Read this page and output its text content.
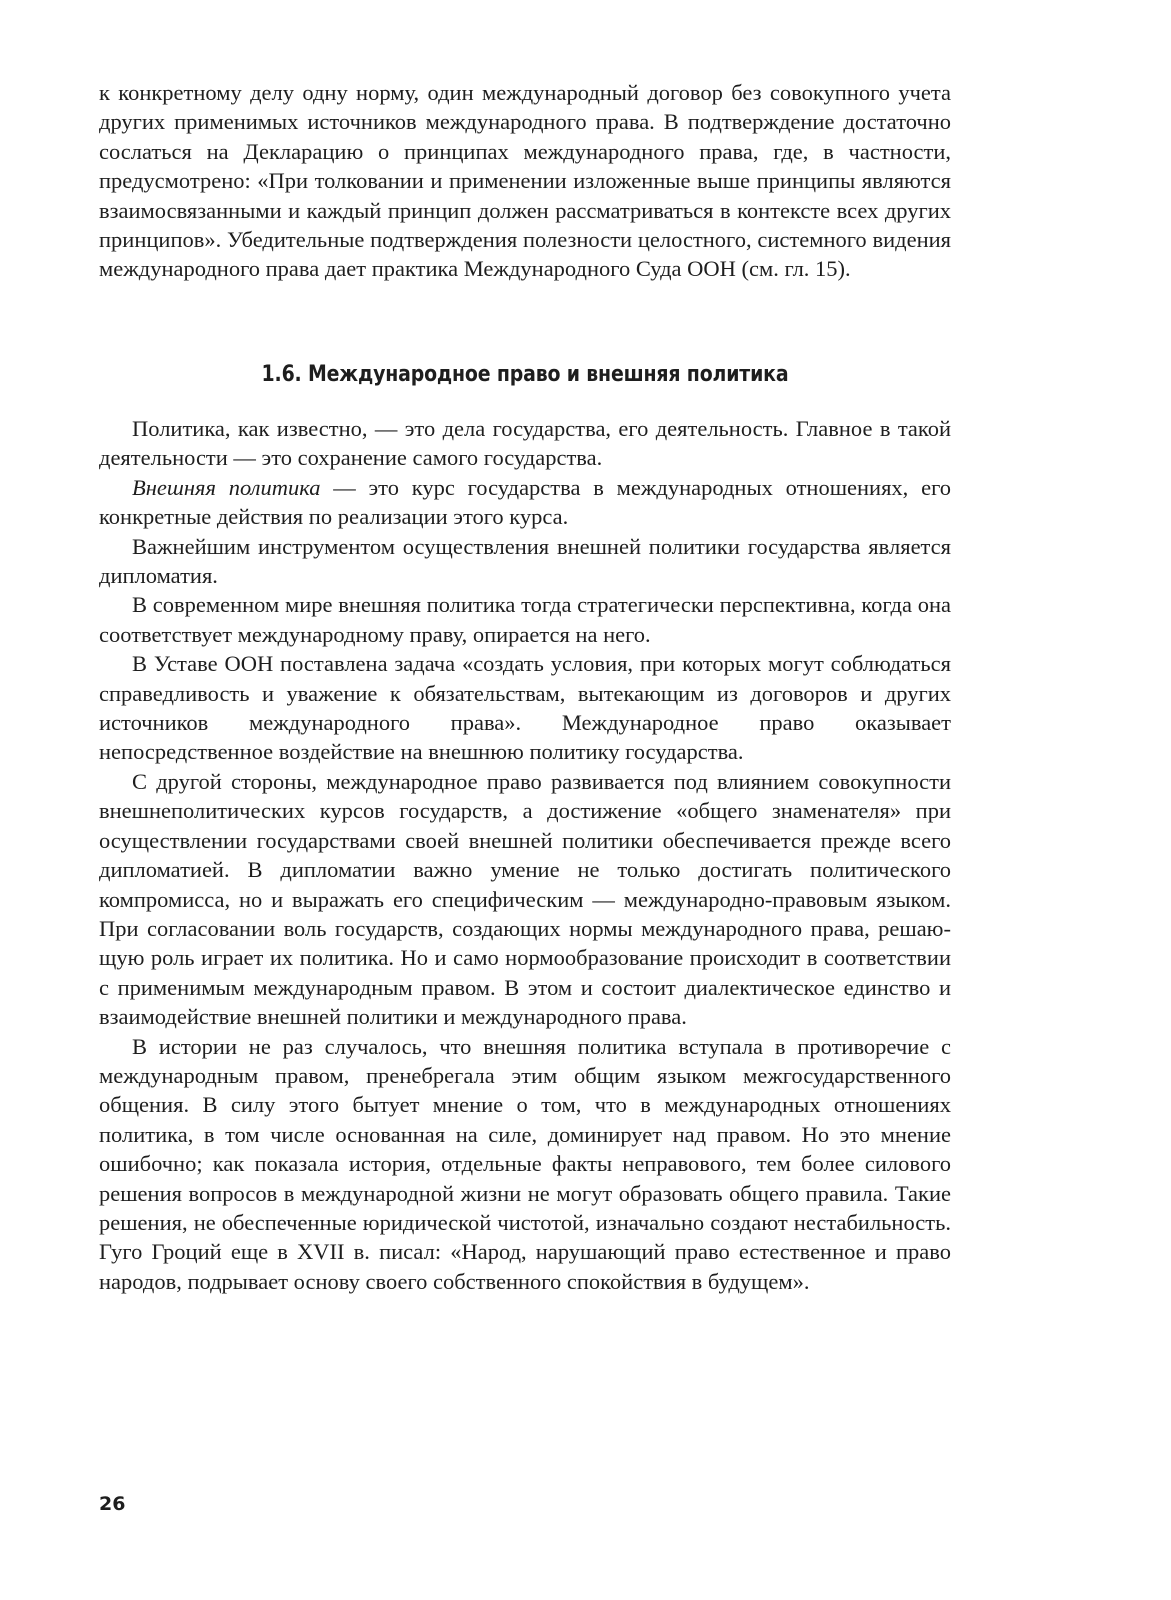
к конкретному делу одну норму, один международный договор без совокупного учета других применимых источников международного права. В подтверждение достаточно сослаться на Декларацию о принципах международного права, где, в частности, предусмотрено: «При толковании и применении изложенные выше принципы являются взаимосвязанными и каждый принцип должен рассматриваться в контексте всех других принципов». Убедительные подтверждения полезности целостного, системного видения международного права дает практика Международного Суда ООН (см. гл. 15).

1.6. Международное право и внешняя политика

Политика, как известно, — это дела государства, его деятельность. Главное в такой деятельности — это сохранение самого государства.

Внешняя политика — это курс государства в международных отношениях, его конкретные действия по реализации этого курса.

Важнейшим инструментом осуществления внешней политики государства является дипломатия.

В современном мире внешняя политика тогда стратегически перспективна, когда она соответствует международному праву, опирается на него.

В Уставе ООН поставлена задача «создать условия, при которых могут соблюдаться справедливость и уважение к обязательствам, вытекающим из договоров и других источников международного права». Международное право оказывает непосредственное воздействие на внешнюю политику государства.

С другой стороны, международное право развивается под влиянием совокупности внешнеполитических курсов государств, а достижение «общего знаменателя» при осуществлении государствами своей внешней политики обеспечивается прежде всего дипломатией. В дипломатии важно умение не только достигать политического компромисса, но и выражать его специфическим — международно-правовым языком. При согласовании воль государств, создающих нормы международного права, решающую роль играет их политика. Но и само нормообразование происходит в соответствии с применимым международным правом. В этом и состоит диалектическое единство и взаимодействие внешней политики и международного права.

В истории не раз случалось, что внешняя политика вступала в противоречие с международным правом, пренебрегала этим общим языком межгосударственного общения. В силу этого бытует мнение о том, что в международных отношениях политика, в том числе основанная на силе, доминирует над правом. Но это мнение ошибочно; как показала история, отдельные факты неправового, тем более силового решения вопросов в международной жизни не могут образовать общего правила. Такие решения, не обеспеченные юридической чистотой, изначально создают нестабильность. Гуго Гроций еще в XVII в. писал: «Народ, нарушающий право естественное и право народов, подрывает основу своего собственного спокойствия в будущем».

26
